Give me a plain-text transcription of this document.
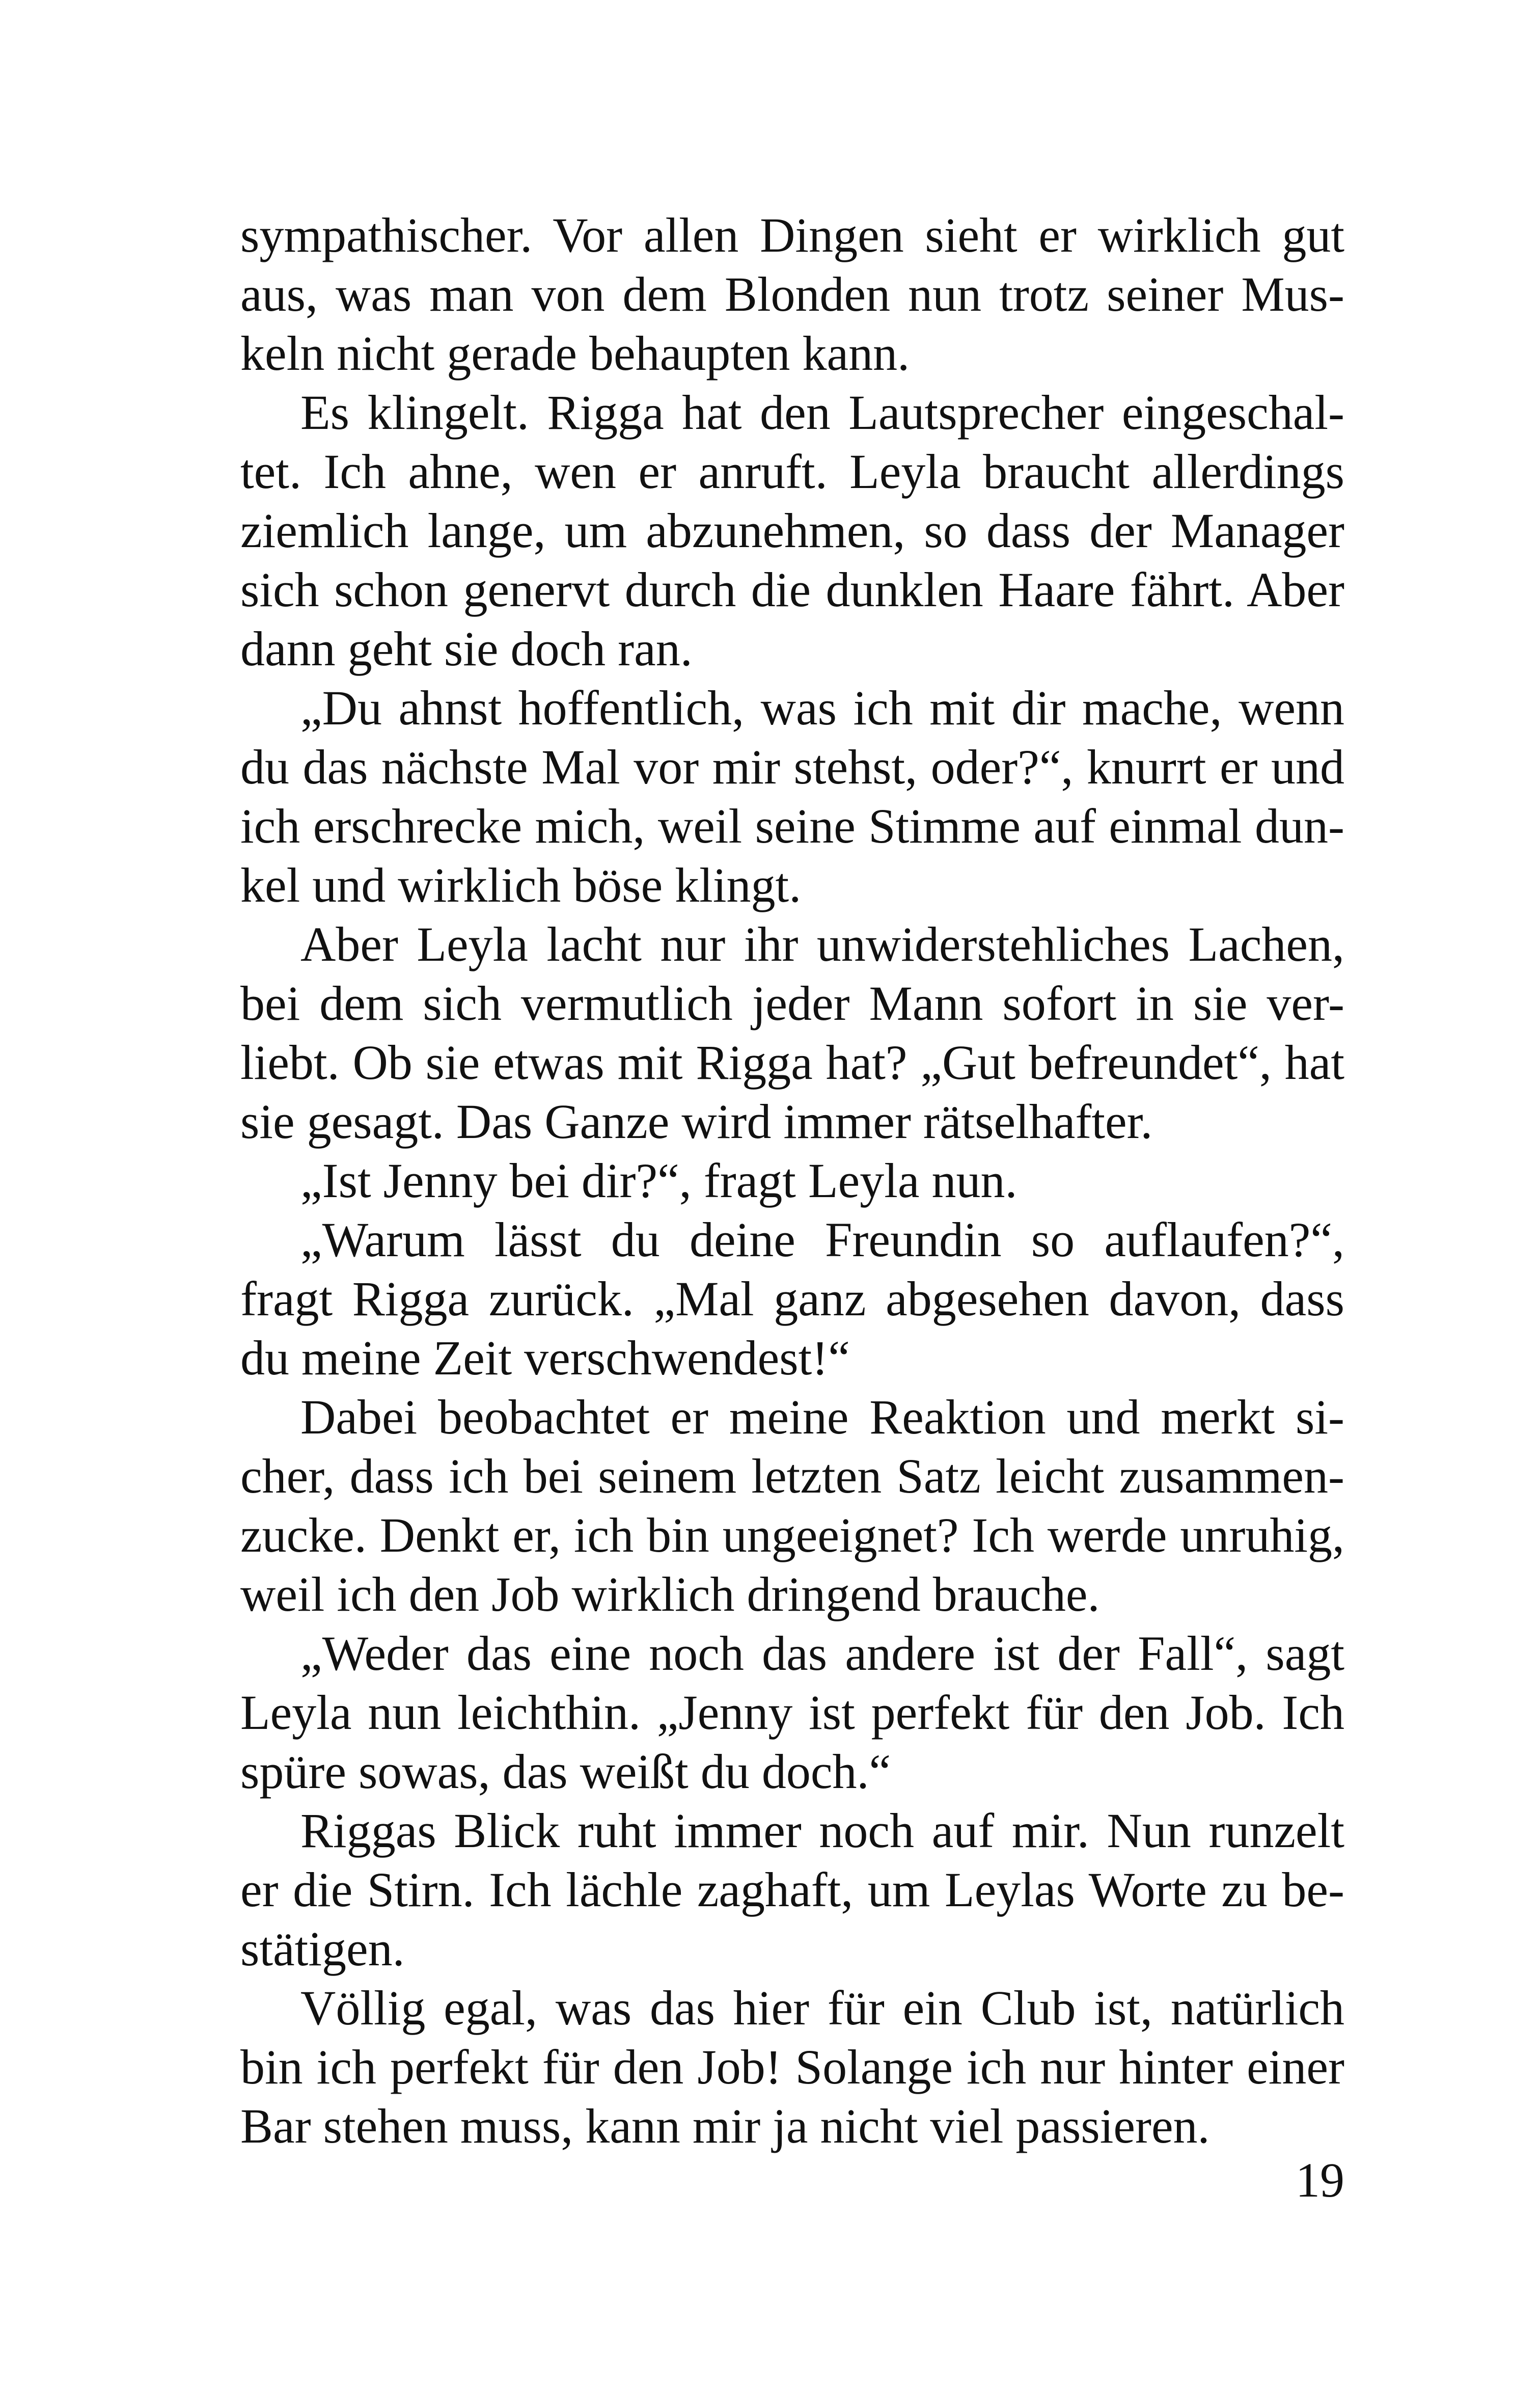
sympathischer. Vor allen Dingen sieht er wirklich gut
aus, was man von dem Blonden nun trotz seiner Mus-
keln nicht gerade behaupten kann.
Es klingelt. Rigga hat den Lautsprecher eingeschal-
tet. Ich ahne, wen er anruft. Leyla braucht allerdings
ziemlich lange, um abzunehmen, so dass der Manager
sich schon genervt durch die dunklen Haare fährt. Aber
dann geht sie doch ran.
„Du ahnst hoffentlich, was ich mit dir mache, wenn
du das nächste Mal vor mir stehst, oder?“, knurrt er und
ich erschrecke mich, weil seine Stimme auf einmal dun-
kel und wirklich böse klingt.
Aber Leyla lacht nur ihr unwiderstehliches Lachen,
bei dem sich vermutlich jeder Mann sofort in sie ver-
liebt. Ob sie etwas mit Rigga hat? „Gut befreundet“, hat
sie gesagt. Das Ganze wird immer rätselhafter.
„Ist Jenny bei dir?“, fragt Leyla nun.
„Warum lässt du deine Freundin so auflaufen?“,
fragt Rigga zurück. „Mal ganz abgesehen davon, dass
du meine Zeit verschwendest!“
Dabei beobachtet er meine Reaktion und merkt si-
cher, dass ich bei seinem letzten Satz leicht zusammen-
zucke. Denkt er, ich bin ungeeignet? Ich werde unruhig,
weil ich den Job wirklich dringend brauche.
„Weder das eine noch das andere ist der Fall“, sagt
Leyla nun leichthin. „Jenny ist perfekt für den Job. Ich
spüre sowas, das weißt du doch.“
Riggas Blick ruht immer noch auf mir. Nun runzelt
er die Stirn. Ich lächle zaghaft, um Leylas Worte zu be-
stätigen.
Völlig egal, was das hier für ein Club ist, natürlich
bin ich perfekt für den Job! Solange ich nur hinter einer
Bar stehen muss, kann mir ja nicht viel passieren.
19
